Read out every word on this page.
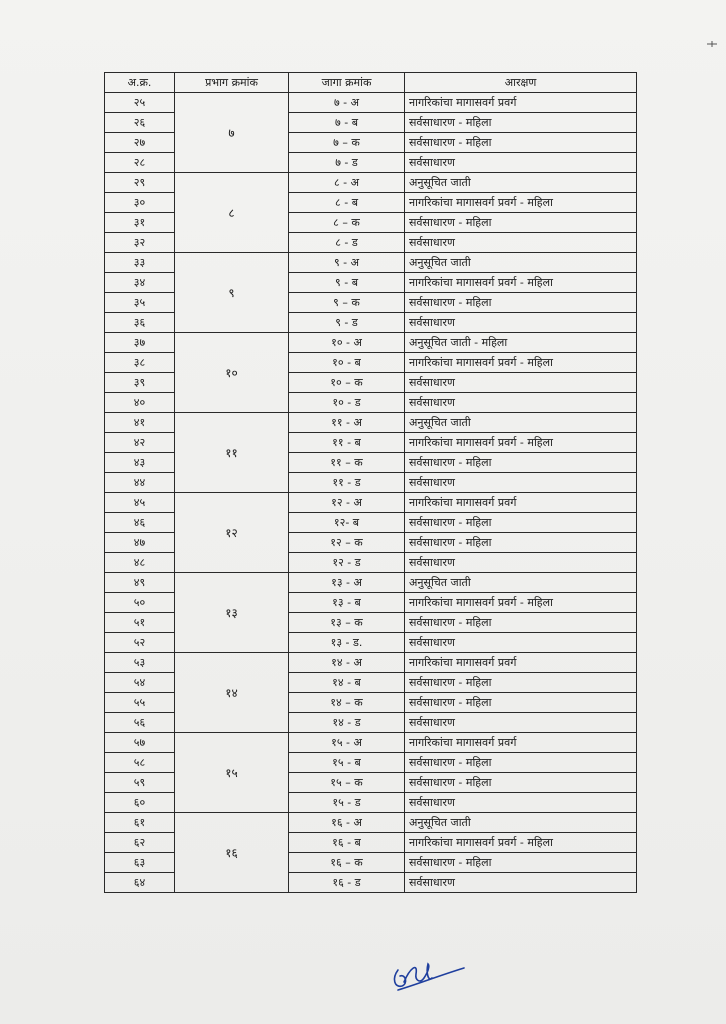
अ.क्र.	प्रभाग क्रमांक	जागा क्रमांक	आरक्षण
२५	७	७ - अ	नागरिकांचा मागासवर्ग प्रवर्ग
२६		७ - ब	सर्वसाधारण - महिला
२७		७ – क	सर्वसाधारण - महिला
२८		७ - ड	सर्वसाधारण
२९	८	८ - अ	अनुसूचित जाती
३०		८ - ब	नागरिकांचा मागासवर्ग प्रवर्ग - महिला
३१		८ – क	सर्वसाधारण - महिला
३२		८ - ड	सर्वसाधारण
३३	९	९ - अ	अनुसूचित जाती
३४		९ - ब	नागरिकांचा मागासवर्ग प्रवर्ग - महिला
३५		९ – क	सर्वसाधारण - महिला
३६		९ - ड	सर्वसाधारण
३७	१०	१० - अ	अनुसूचित जाती - महिला
३८		१० - ब	नागरिकांचा मागासवर्ग प्रवर्ग - महिला
३९		१० – क	सर्वसाधारण
४०		१० - ड	सर्वसाधारण
४१	११	११ - अ	अनुसूचित जाती
४२		११ - ब	नागरिकांचा मागासवर्ग प्रवर्ग - महिला
४३		११ – क	सर्वसाधारण - महिला
४४		११ - ड	सर्वसाधारण
४५	१२	१२ - अ	नागरिकांचा मागासवर्ग प्रवर्ग
४६		१२- ब	सर्वसाधारण - महिला
४७		१२ – क	सर्वसाधारण - महिला
४८		१२ - ड	सर्वसाधारण
४९	१३	१३ - अ	अनुसूचित जाती
५०		१३ - ब	नागरिकांचा मागासवर्ग प्रवर्ग - महिला
५१		१३ – क	सर्वसाधारण - महिला
५२		१३ - ड.	सर्वसाधारण
५३	१४	१४ - अ	नागरिकांचा मागासवर्ग प्रवर्ग
५४		१४ - ब	सर्वसाधारण - महिला
५५		१४ – क	सर्वसाधारण - महिला
५६		१४ - ड	सर्वसाधारण
५७	१५	१५ - अ	नागरिकांचा मागासवर्ग प्रवर्ग
५८		१५ - ब	सर्वसाधारण - महिला
५९		१५ – क	सर्वसाधारण - महिला
६०		१५ - ड	सर्वसाधारण
६१	१६	१६ - अ	अनुसूचित जाती
६२		१६ - ब	नागरिकांचा मागासवर्ग प्रवर्ग - महिला
६३		१६ – क	सर्वसाधारण - महिला
६४		१६ - ड	सर्वसाधारण
